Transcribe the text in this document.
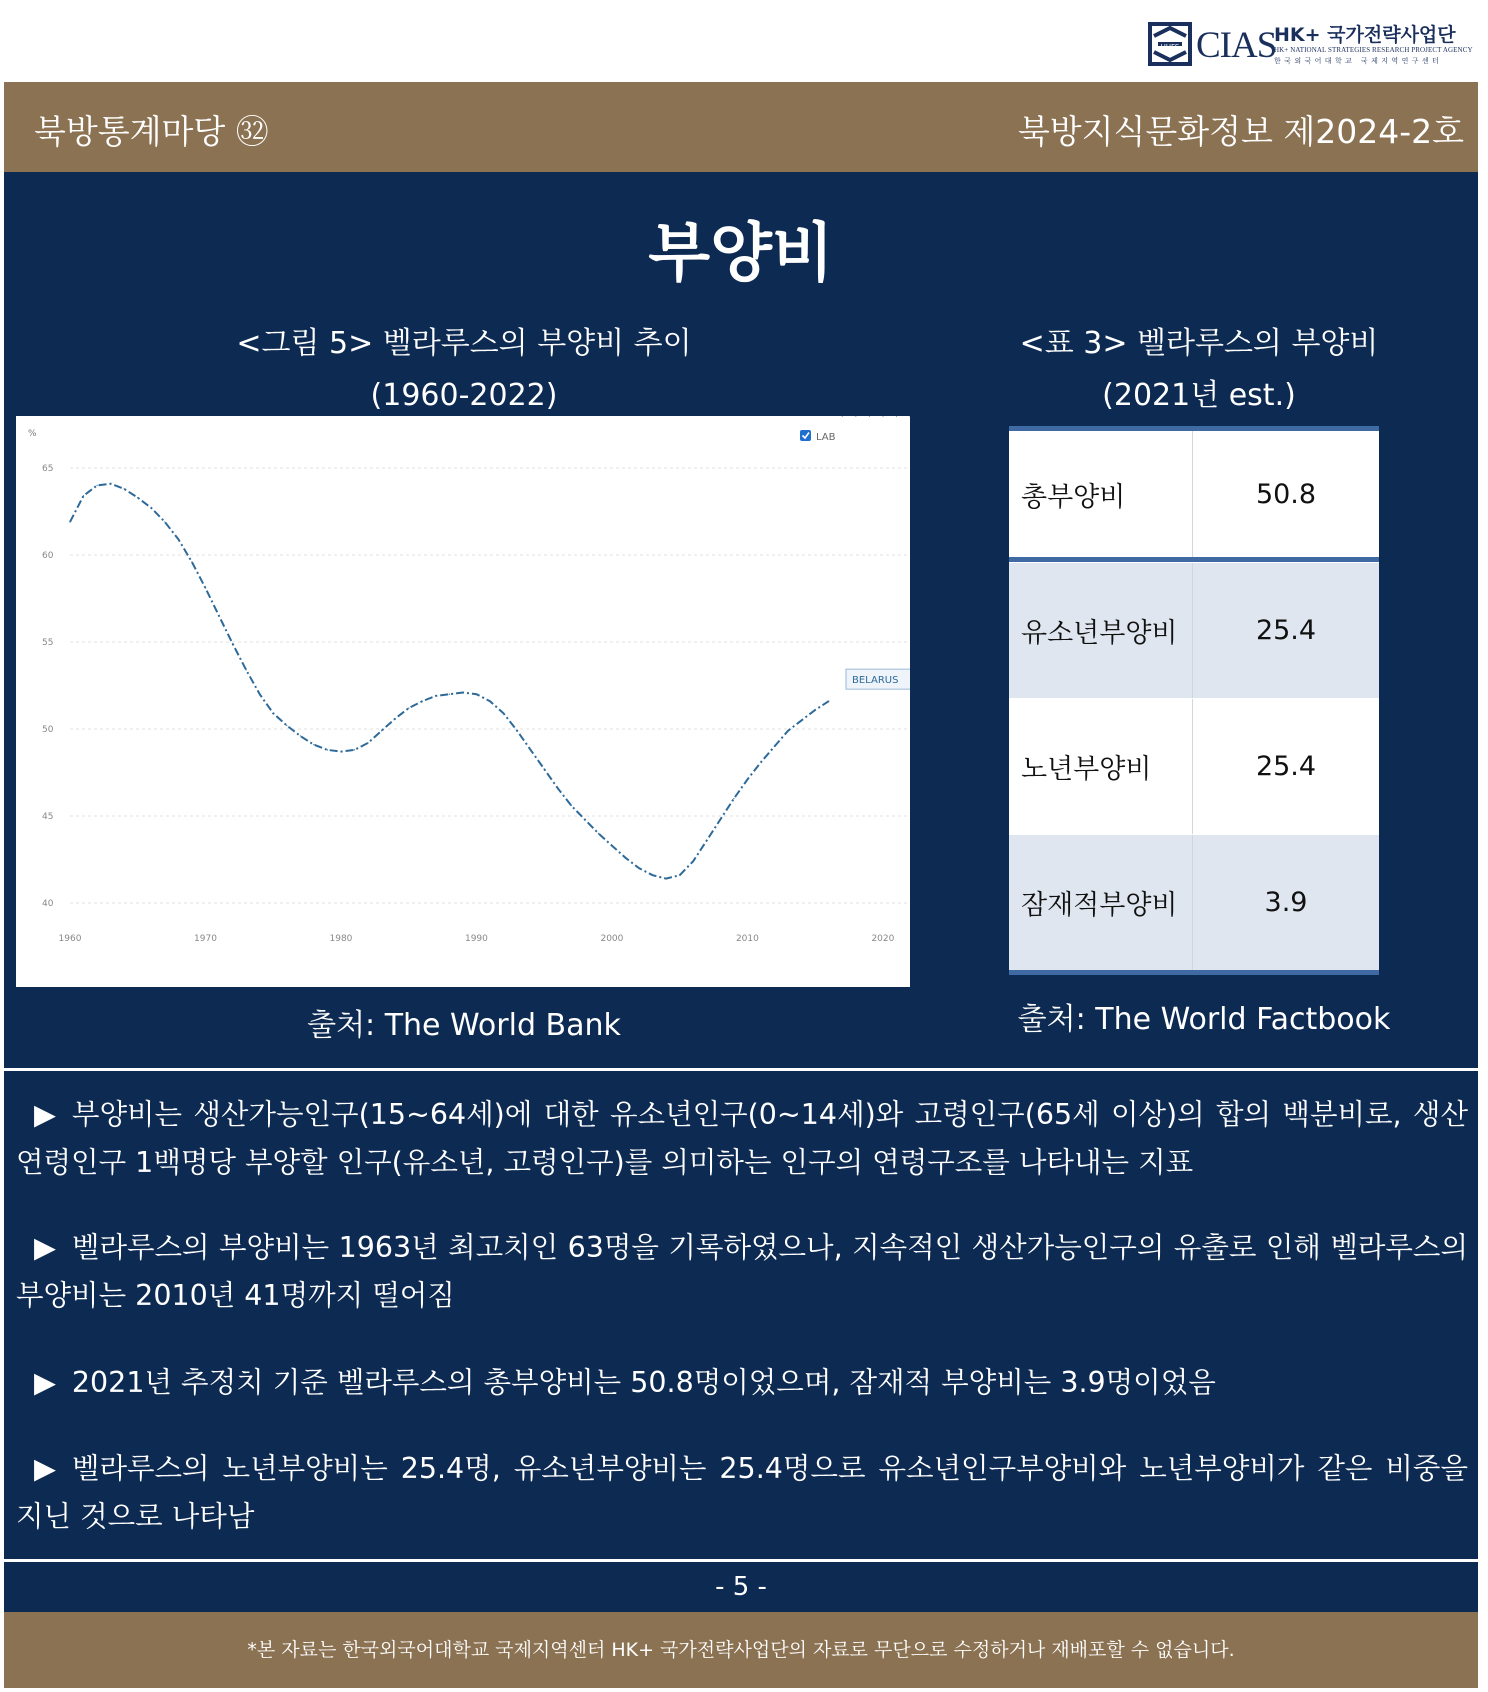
HUFS CIAS
HK+ 국가전략사업단
HK+ NATIONAL STRATEGIES RESEARCH PROJECT AGENCY
한국외국어대학교 국제지역연구센터
북방통계마당 ㉜	북방지식문화정보 제2024-2호
부양비
<그림 5> 벨라루스의 부양비 추이
(1960-2022)
<표 3> 벨라루스의 부양비
(2021년 est.)
%
40
45
50
55
60
65
1960	1970	1980	1990	2000	2010	2020
BELARUS
LAB
출처: The World Bank
총부양비	50.8
유소년부양비	25.4
노년부양비	25.4
잠재적부양비	3.9
출처: The World Factbook
▶ 부양비는 생산가능인구(15~64세)에 대한 유소년인구(0~14세)와 고령인구(65세 이상)의 합의 백분비로, 생산연령인구 1백명당 부양할 인구(유소년, 고령인구)를 의미하는 인구의 연령구조를 나타내는 지표
▶ 벨라루스의 부양비는 1963년 최고치인 63명을 기록하였으나, 지속적인 생산가능인구의 유출로 인해 벨라루스의 부양비는 2010년 41명까지 떨어짐
▶ 2021년 추정치 기준 벨라루스의 총부양비는 50.8명이었으며, 잠재적 부양비는 3.9명이었음
▶ 벨라루스의 노년부양비는 25.4명, 유소년부양비는 25.4명으로 유소년인구부양비와 노년부양비가 같은 비중을 지닌 것으로 나타남
- 5 -
*본 자료는 한국외국어대학교 국제지역센터 HK+ 국가전략사업단의 자료로 무단으로 수정하거나 재배포할 수 없습니다.
